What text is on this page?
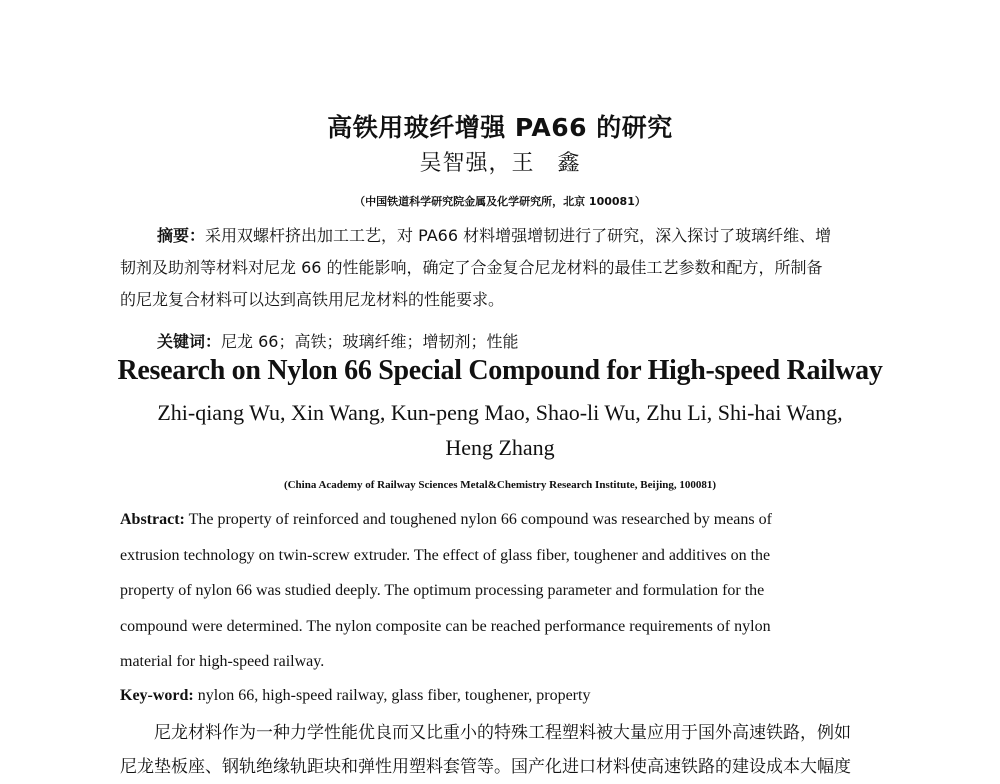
高铁用玻纤增强 PA66 的研究
吴智强，王　鑫
（中国铁道科学研究院金属及化学研究所，北京 100081）
摘要：采用双螺杆挤出加工工艺，对 PA66 材料增强增韧进行了研究，深入探讨了玻璃纤维、增
韧剂及助剂等材料对尼龙 66 的性能影响，确定了合金复合尼龙材料的最佳工艺参数和配方，所制备
的尼龙复合材料可以达到高铁用尼龙材料的性能要求。
关键词：尼龙 66；高铁；玻璃纤维；增韧剂；性能
Research on Nylon 66 Special Compound for High-speed Railway
Zhi-qiang Wu, Xin Wang, Kun-peng Mao, Shao-li Wu, Zhu Li, Shi-hai Wang,
Heng Zhang
(China Academy of Railway Sciences Metal&Chemistry Research Institute, Beijing, 100081)
Abstract: The property of reinforced and toughened nylon 66 compound was researched by means of
extrusion technology on twin-screw extruder. The effect of glass fiber, toughener and additives on the
property of nylon 66 was studied deeply. The optimum processing parameter and formulation for the
compound were determined. The nylon composite can be reached performance requirements of nylon
material for high-speed railway.
Key-word: nylon 66, high-speed railway, glass fiber, toughener, property
尼龙材料作为一种力学性能优良而又比重小的特殊工程塑料被大量应用于国外高速铁路，例如
尼龙垫板座、钢轨绝缘轨距块和弹性用塑料套管等。国产化进口材料使高速铁路的建设成本大幅度
